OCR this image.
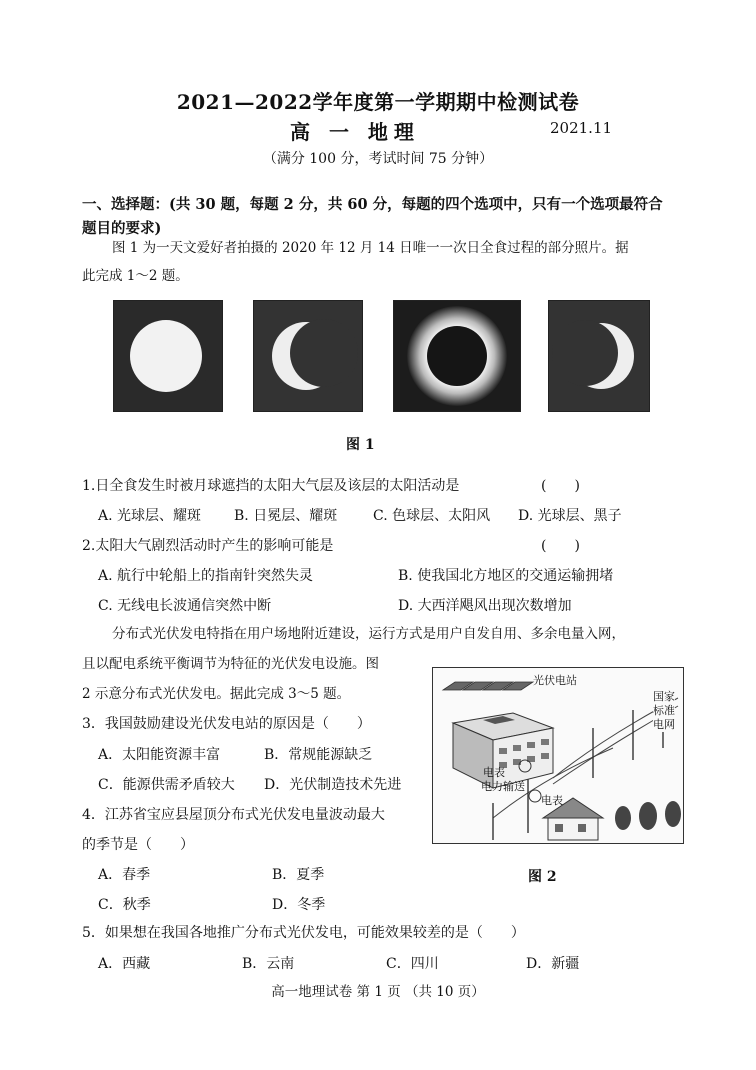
2021—2022学年度第一学期期中检测试卷
高 一 地理	2021.11
（满分 100 分，考试时间 75 分钟）
一、选择题：(共 30 题，每题 2 分，共 60 分，每题的四个选项中，只有一个选项最符合
题目的要求)
图 1 为一天文爱好者拍摄的 2020 年 12 月 14 日唯一一次日全食过程的部分照片。据
此完成 1～2 题。
图 1
1.日全食发生时被月球遮挡的太阳大气层及该层的太阳活动是	(　　)
A. 光球层、耀斑 B. 日冕层、耀斑	C. 色球层、太阳风 D. 光球层、黑子
2.太阳大气剧烈活动时产生的影响可能是	(　　)
A. 航行中轮船上的指南针突然失灵	B. 使我国北方地区的交通运输拥堵
C. 无线电长波通信突然中断	D. 大西洋飓风出现次数增加
分布式光伏发电特指在用户场地附近建设，运行方式是用户自发自用、多余电量入网，
且以配电系统平衡调节为特征的光伏发电设施。图
2 示意分布式光伏发电。据此完成 3～5 题。
3．我国鼓励建设光伏发电站的原因是（　　）
A．太阳能资源丰富	B．常规能源缺乏
C．能源供需矛盾较大 D．光伏制造技术先进
4．江苏省宝应县屋顶分布式光伏发电量波动最大
的季节是（　　）
A．春季	B．夏季
C．秋季	D．冬季
5．如果想在我国各地推广分布式光伏发电，可能效果较差的是（　　）
A．西藏	B．云南	C．四川	D．新疆
光伏电站
国家
标准
电网
电表
电力输送
电表
图 2
高一地理试卷 第 1 页 （共 10 页）
